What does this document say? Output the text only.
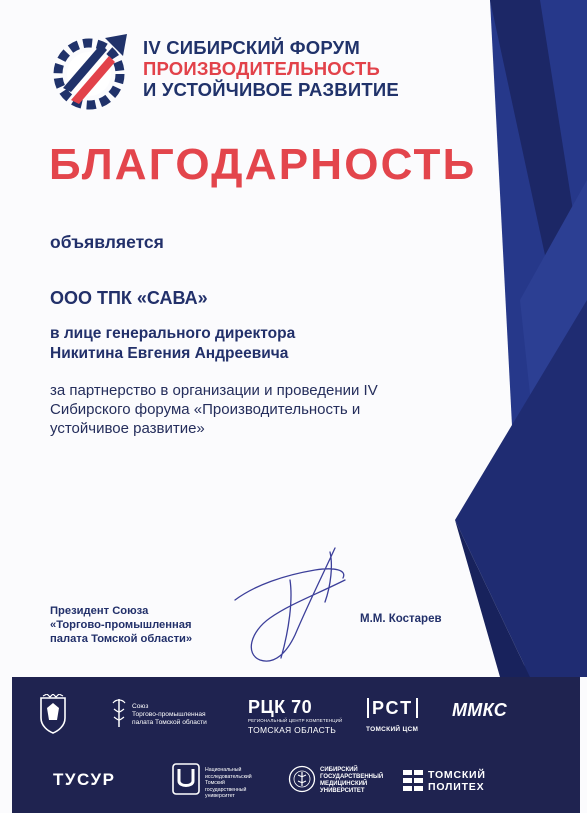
IV СИБИРСКИЙ ФОРУМ
ПРОИЗВОДИТЕЛЬНОСТЬ
И УСТОЙЧИВОЕ РАЗВИТИЕ
БЛАГОДАРНОСТЬ
объявляется
ООО ТПК «САВА»
в лице генерального директора
Никитина Евгения Андреевича
за партнерство в организации и проведении IV Сибирского форума «Производительность и устойчивое развитие»
Президент Союза
«Торгово-промышленная
палата Томской области»
М.М. Костарев
Союз
Торгово-промышленная
палата Томской области
РЦК 70
РЕГИОНАЛЬНЫЙ ЦЕНТР КОМПЕТЕНЦИЙ
ТОМСКАЯ ОБЛАСТЬ
РСТ
ТОМСКИЙ ЦСМ
ММКС
ТУСУР	Национальный исследовательский
Томский
государственный
университет
СИБИРСКИЙ
ГОСУДАРСТВЕННЫЙ
МЕДИЦИНСКИЙ
УНИВЕРСИТЕТ
ТОМСКИЙ
ПОЛИТЕХ
